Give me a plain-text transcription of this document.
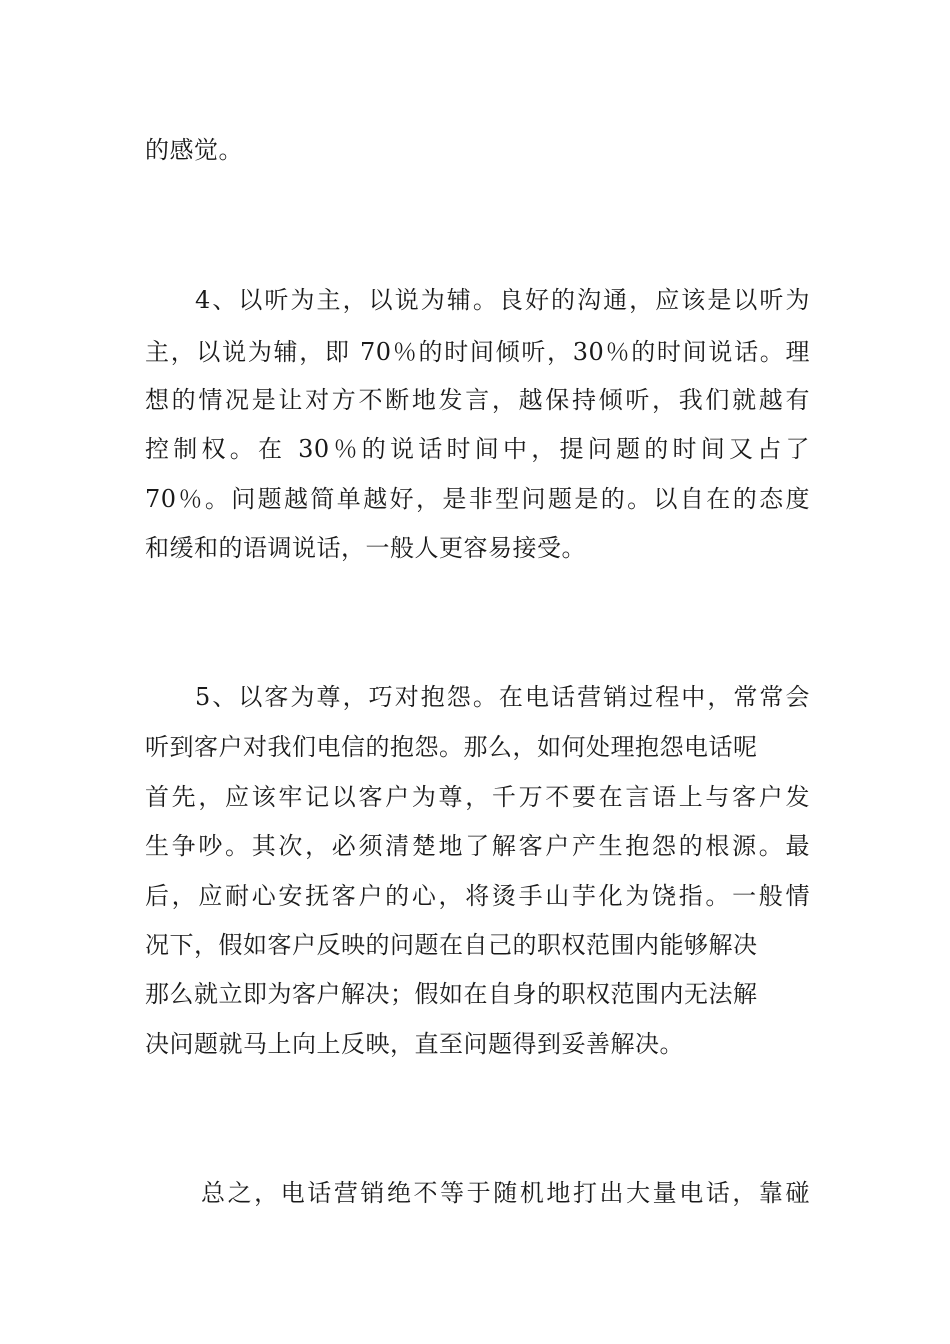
的感觉。
4、以听为主，以说为辅。良好的沟通，应该是以听为
主，以说为辅，即 70％的时间倾听，30％的时间说话。理
想的情况是让对方不断地发言，越保持倾听，我们就越有
控制权。在 30％的说话时间中，提问题的时间又占了
70％。问题越简单越好，是非型问题是的。以自在的态度
和缓和的语调说话，一般人更容易接受。
5、以客为尊，巧对抱怨。在电话营销过程中，常常会
听到客户对我们电信的抱怨。那么，如何处理抱怨电话呢
首先，应该牢记以客户为尊，千万不要在言语上与客户发
生争吵。其次，必须清楚地了解客户产生抱怨的根源。最
后，应耐心安抚客户的心，将烫手山芋化为饶指。一般情
况下，假如客户反映的问题在自己的职权范围内能够解决
那么就立即为客户解决；假如在自身的职权范围内无法解
决问题就马上向上反映，直至问题得到妥善解决。
总之，电话营销绝不等于随机地打出大量电话，靠碰
